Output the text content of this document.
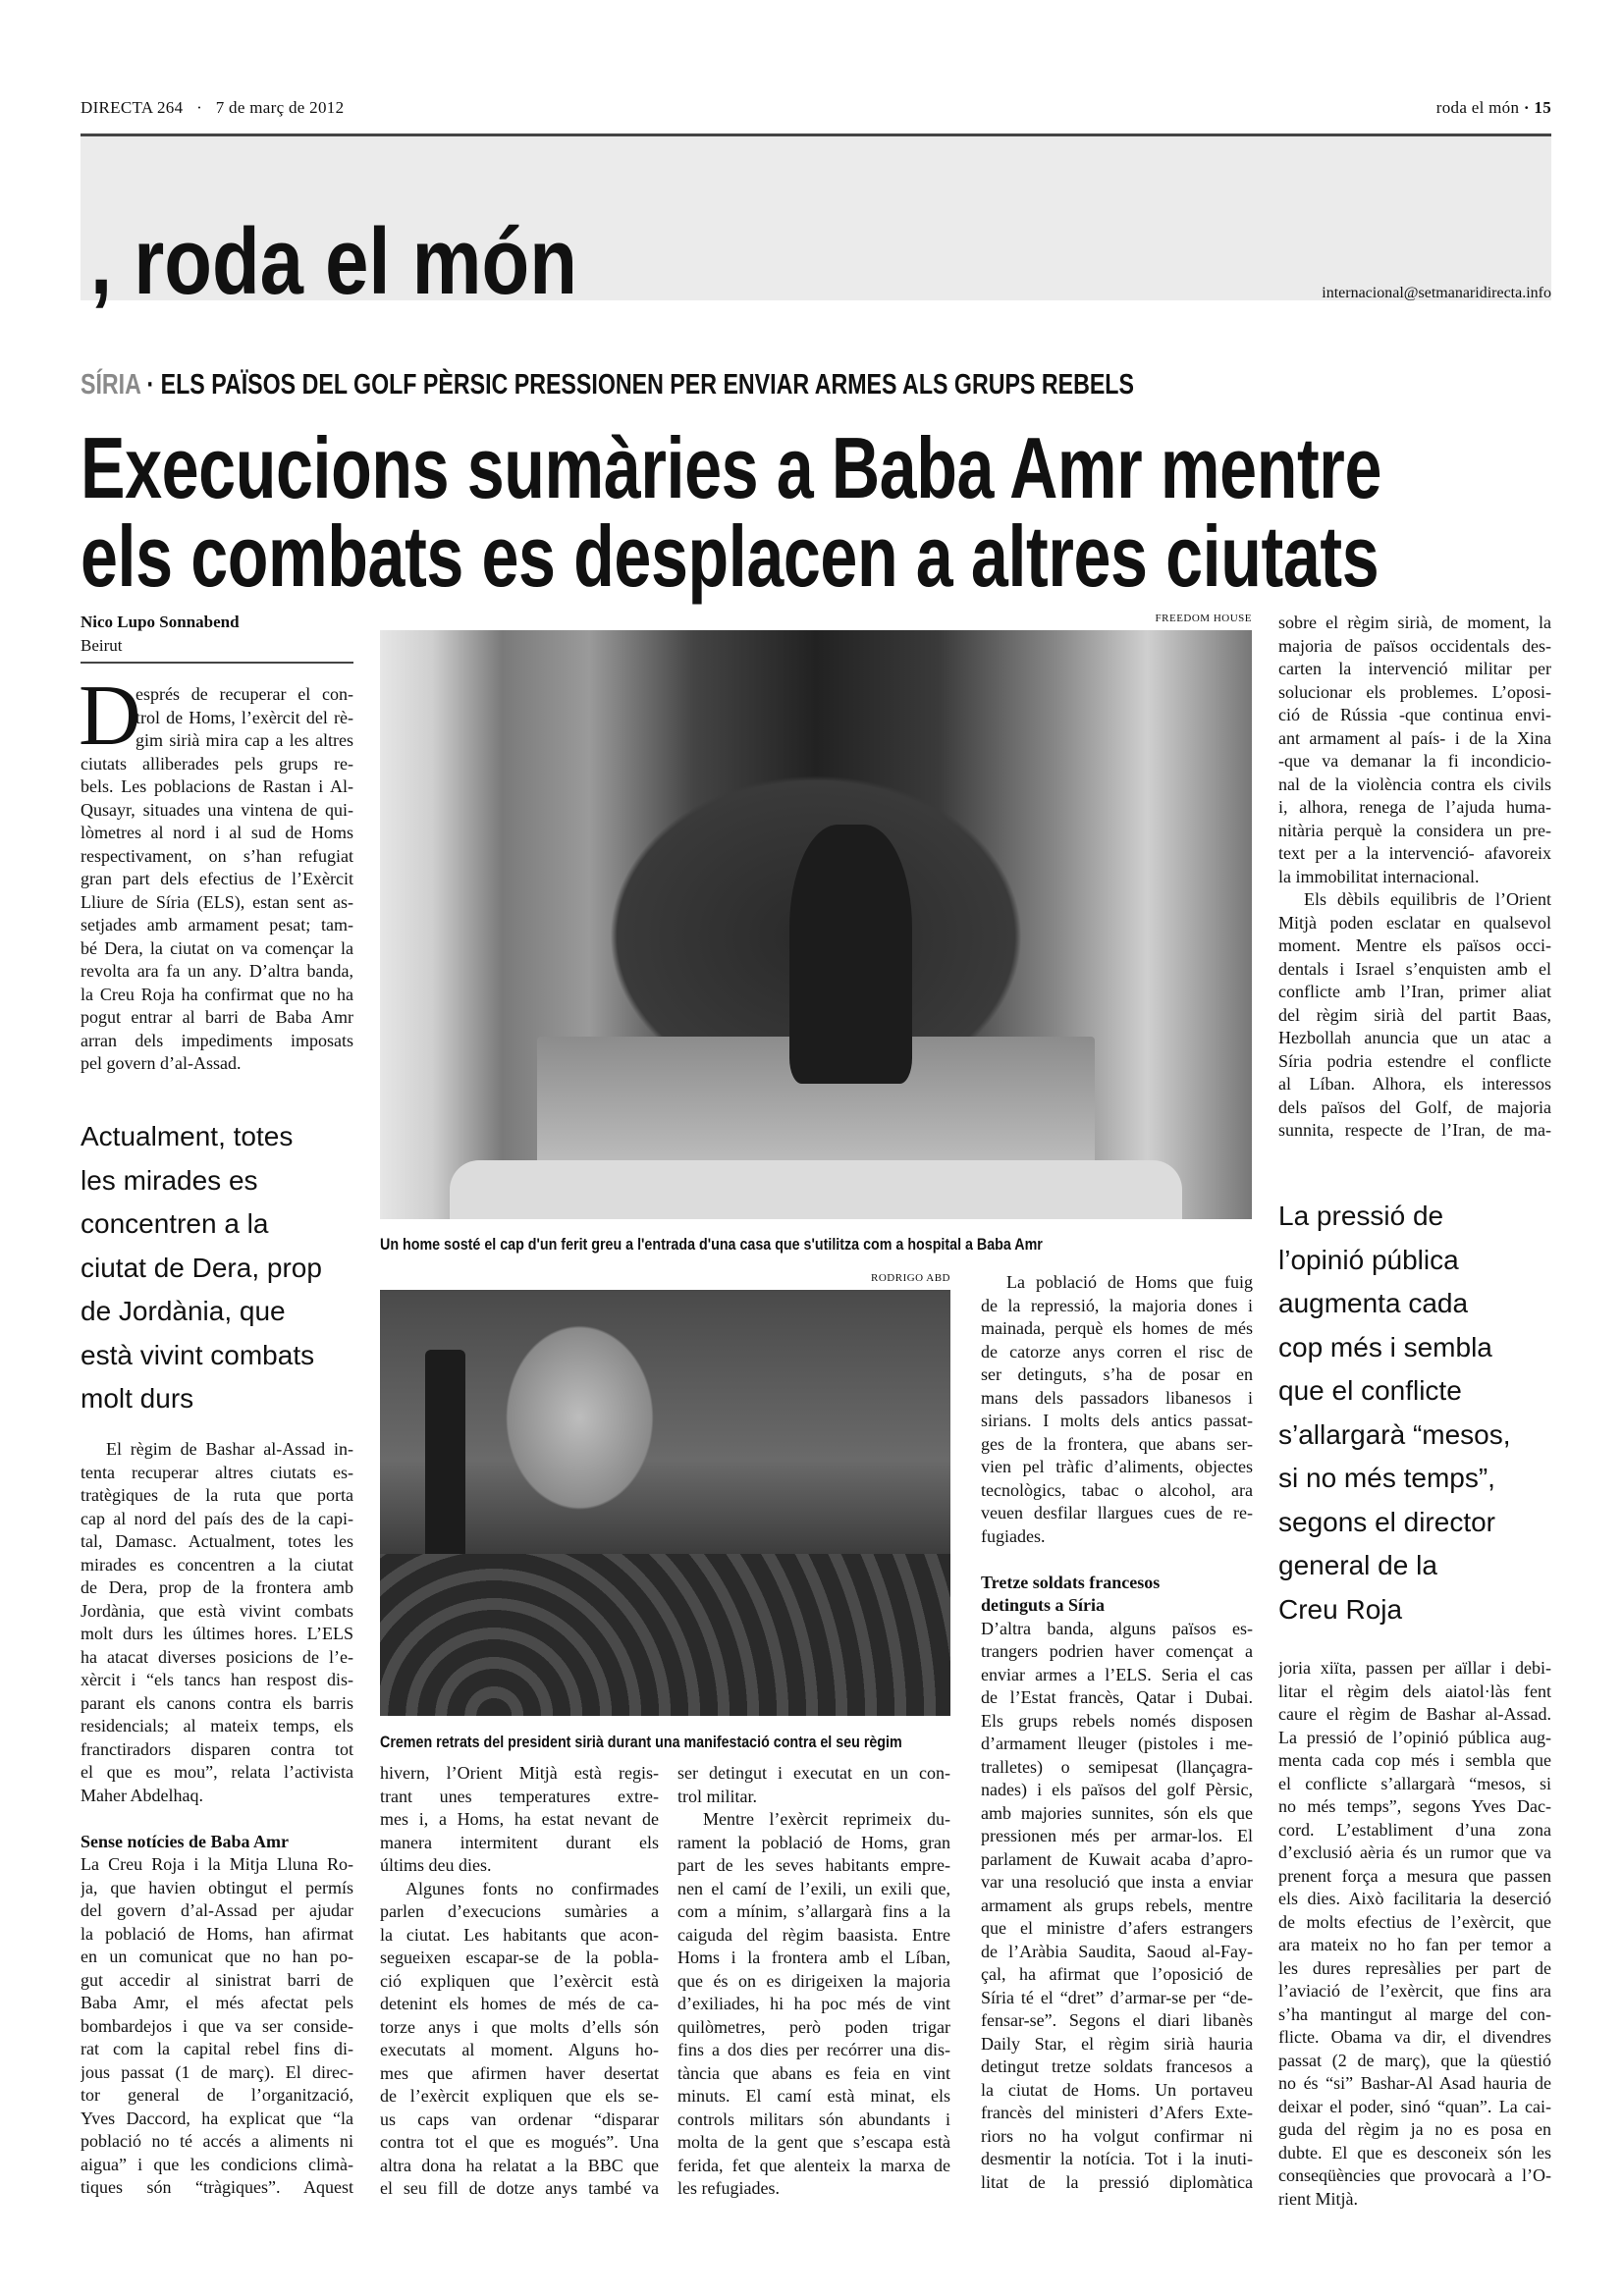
DIRECTA 264 · 7 de març de 2012	roda el món · 15
, roda el món	internacional@setmanaridirecta.info
SÍRIA · ELS PAÏSOS DEL GOLF PÈRSIC PRESSIONEN PER ENVIAR ARMES ALS GRUPS REBELS
Execucions sumàries a Baba Amr mentre
els combats es desplacen a altres ciutats
Nico Lupo Sonnabend
Beirut
D
esprés de recuperar el con-
trol de Homs, l’exèrcit del rè-
gim sirià mira cap a les altres
ciutats alliberades pels grups re-
bels. Les poblacions de Rastan i Al-
Qusayr, situades una vintena de qui-
lòmetres al nord i al sud de Homs
respectivament, on s’han refugiat
gran part dels efectius de l’Exèrcit
Lliure de Síria (ELS), estan sent as-
setjades amb armament pesat; tam-
bé Dera, la ciutat on va començar la
revolta ara fa un any. D’altra banda,
la Creu Roja ha confirmat que no ha
pogut entrar al barri de Baba Amr
arran dels impediments imposats
pel govern d’al-Assad.
Actualment, totes
les mirades es
concentren a la
ciutat de Dera, prop
de Jordània, que
està vivint combats
molt durs
El règim de Bashar al-Assad in-
tenta recuperar altres ciutats es-
tratègiques de la ruta que porta
cap al nord del país des de la capi-
tal, Damasc. Actualment, totes les
mirades es concentren a la ciutat
de Dera, prop de la frontera amb
Jordània, que està vivint combats
molt durs les últimes hores. L’ELS
ha atacat diverses posicions de l’e-
xèrcit i “els tancs han respost dis-
parant els canons contra els barris
residencials; al mateix temps, els
franctiradors disparen contra tot
el que es mou”, relata l’activista
Maher Abdelhaq.
Sense notícies de Baba Amr
La Creu Roja i la Mitja Lluna Ro-
ja, que havien obtingut el permís
del govern d’al-Assad per ajudar
la població de Homs, han afirmat
en un comunicat que no han po-
gut accedir al sinistrat barri de
Baba Amr, el més afectat pels
bombardejos i que va ser conside-
rat com la capital rebel fins di-
jous passat (1 de març). El direc-
tor general de l’organització,
Yves Daccord, ha explicat que “la
població no té accés a aliments ni
aigua” i que les condicions climà-
tiques són “tràgiques”. Aquest
hivern, l’Orient Mitjà està regis-
trant unes temperatures extre-
mes i, a Homs, ha estat nevant de
manera intermitent durant els
últims deu dies.
Algunes fonts no confirmades
parlen d’execucions sumàries a
la ciutat. Les habitants que acon-
segueixen escapar-se de la pobla-
ció expliquen que l’exèrcit està
detenint els homes de més de ca-
torze anys i que molts d’ells són
executats al moment. Alguns ho-
mes que afirmen haver desertat
de l’exèrcit expliquen que els se-
us caps van ordenar “disparar
contra tot el que es mogués”. Una
altra dona ha relatat a la BBC que
el seu fill de dotze anys també va
ser detingut i executat en un con-
trol militar.
Mentre l’exèrcit reprimeix du-
rament la població de Homs, gran
part de les seves habitants empre-
nen el camí de l’exili, un exili que,
com a mínim, s’allargarà fins a la
caiguda del règim baasista. Entre
Homs i la frontera amb el Líban,
que és on es dirigeixen la majoria
d’exiliades, hi ha poc més de vint
quilòmetres, però poden trigar
fins a dos dies per recórrer una dis-
tància que abans es feia en vint
minuts. El camí està minat, els
controls militars són abundants i
molta de la gent que s’escapa està
ferida, fet que alenteix la marxa de
les refugiades.
La població de Homs que fuig
de la repressió, la majoria dones i
mainada, perquè els homes de més
de catorze anys corren el risc de
ser detinguts, s’ha de posar en
mans dels passadors libanesos i
sirians. I molts dels antics passat-
ges de la frontera, que abans ser-
vien pel tràfic d’aliments, objectes
tecnològics, tabac o alcohol, ara
veuen desfilar llargues cues de re-
fugiades.
Tretze soldats francesos
detinguts a Síria
D’altra banda, alguns països es-
trangers podrien haver començat a
enviar armes a l’ELS. Seria el cas
de l’Estat francès, Qatar i Dubai.
Els grups rebels només disposen
d’armament lleuger (pistoles i me-
tralletes) o semipesat (llançagra-
nades) i els països del golf Pèrsic,
amb majories sunnites, són els que
pressionen més per armar-los. El
parlament de Kuwait acaba d’apro-
var una resolució que insta a enviar
armament als grups rebels, mentre
que el ministre d’afers estrangers
de l’Aràbia Saudita, Saoud al-Fay-
çal, ha afirmat que l’oposició de
Síria té el “dret” d’armar-se per “de-
fensar-se”. Segons el diari libanès
Daily Star, el règim sirià hauria
detingut tretze soldats francesos a
la ciutat de Homs. Un portaveu
francès del ministeri d’Afers Exte-
riors no ha volgut confirmar ni
desmentir la notícia. Tot i la inuti-
litat de la pressió diplomàtica
sobre el règim sirià, de moment, la
majoria de països occidentals des-
carten la intervenció militar per
solucionar els problemes. L’oposi-
ció de Rússia -que continua envi-
ant armament al país- i de la Xina
-que va demanar la fi incondicio-
nal de la violència contra els civils
i, alhora, renega de l’ajuda huma-
nitària perquè la considera un pre-
text per a la intervenció- afavoreix
la immobilitat internacional.
Els dèbils equilibris de l’Orient
Mitjà poden esclatar en qualsevol
moment. Mentre els països occi-
dentals i Israel s’enquisten amb el
conflicte amb l’Iran, primer aliat
del règim sirià del partit Baas,
Hezbollah anuncia que un atac a
Síria podria estendre el conflicte
al Líban. Alhora, els interessos
dels països del Golf, de majoria
sunnita, respecte de l’Iran, de ma-
La pressió de
l’opinió pública
augmenta cada
cop més i sembla
que el conflicte
s’allargarà “mesos,
si no més temps”,
segons el director
general de la
Creu Roja
joria xiïta, passen per aïllar i debi-
litar el règim dels aiatol·làs fent
caure el règim de Bashar al-Assad.
La pressió de l’opinió pública aug-
menta cada cop més i sembla que
el conflicte s’allargarà “mesos, si
no més temps”, segons Yves Dac-
cord. L’establiment d’una zona
d’exclusió aèria és un rumor que va
prenent força a mesura que passen
els dies. Això facilitaria la deserció
de molts efectius de l’exèrcit, que
ara mateix no ho fan per temor a
les dures represàlies per part de
l’aviació de l’exèrcit, que fins ara
s’ha mantingut al marge del con-
flicte. Obama va dir, el divendres
passat (2 de març), que la qüestió
no és “si” Bashar-Al Asad hauria de
deixar el poder, sinó “quan”. La cai-
guda del règim ja no es posa en
dubte. El que es desconeix són les
conseqüències que provocarà a l’O-
rient Mitjà.
FREEDOM HOUSE
Un home sosté el cap d'un ferit greu a l'entrada d'una casa que s'utilitza com a hospital a Baba Amr
RODRIGO ABD
Cremen retrats del president sirià durant una manifestació contra el seu règim
